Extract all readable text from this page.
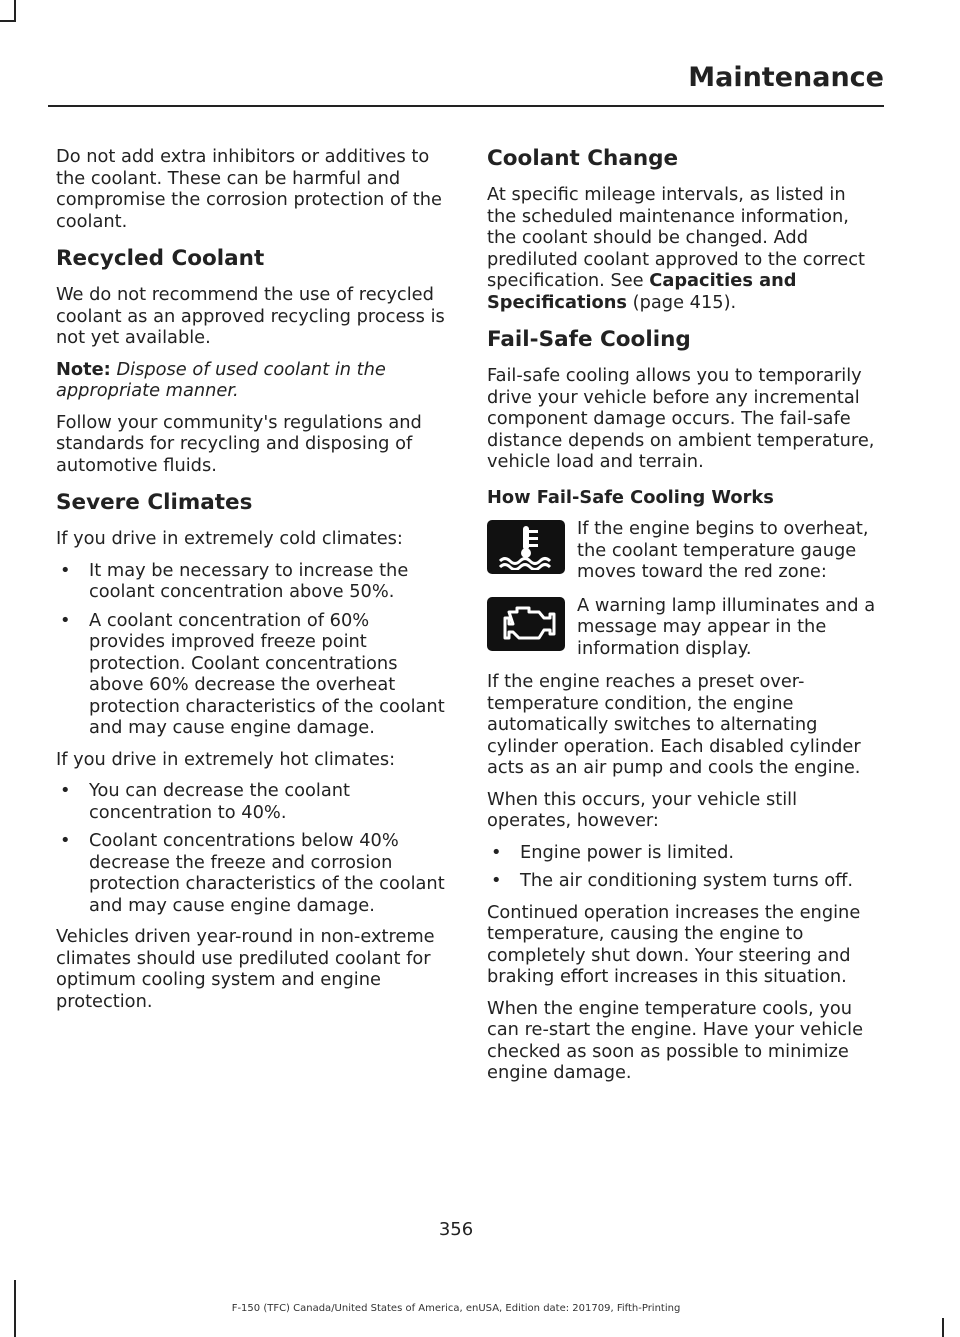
Maintenance

Do not add extra inhibitors or additives to the coolant. These can be harmful and compromise the corrosion protection of the coolant.

Recycled Coolant

We do not recommend the use of recycled coolant as an approved recycling process is not yet available.

Note: Dispose of used coolant in the appropriate manner.

Follow your community's regulations and standards for recycling and disposing of automotive fluids.

Severe Climates

If you drive in extremely cold climates:

• It may be necessary to increase the coolant concentration above 50%.
• A coolant concentration of 60% provides improved freeze point protection. Coolant concentrations above 60% decrease the overheat protection characteristics of the coolant and may cause engine damage.

If you drive in extremely hot climates:

• You can decrease the coolant concentration to 40%.
• Coolant concentrations below 40% decrease the freeze and corrosion protection characteristics of the coolant and may cause engine damage.

Vehicles driven year-round in non-extreme climates should use prediluted coolant for optimum cooling system and engine protection.

Coolant Change

At specific mileage intervals, as listed in the scheduled maintenance information, the coolant should be changed. Add prediluted coolant approved to the correct specification. See Capacities and Specifications (page 415).

Fail-Safe Cooling

Fail-safe cooling allows you to temporarily drive your vehicle before any incremental component damage occurs. The fail-safe distance depends on ambient temperature, vehicle load and terrain.

How Fail-Safe Cooling Works
If the engine begins to overheat, the coolant temperature gauge moves toward the red zone:
A warning lamp illuminates and a message may appear in the information display.

If the engine reaches a preset over-temperature condition, the engine automatically switches to alternating cylinder operation. Each disabled cylinder acts as an air pump and cools the engine.

When this occurs, your vehicle still operates, however:

• Engine power is limited.
• The air conditioning system turns off.

Continued operation increases the engine temperature, causing the engine to completely shut down. Your steering and braking effort increases in this situation.

When the engine temperature cools, you can re-start the engine. Have your vehicle checked as soon as possible to minimize engine damage.

356
F-150 (TFC) Canada/United States of America, enUSA, Edition date: 201709, Fifth-Printing
